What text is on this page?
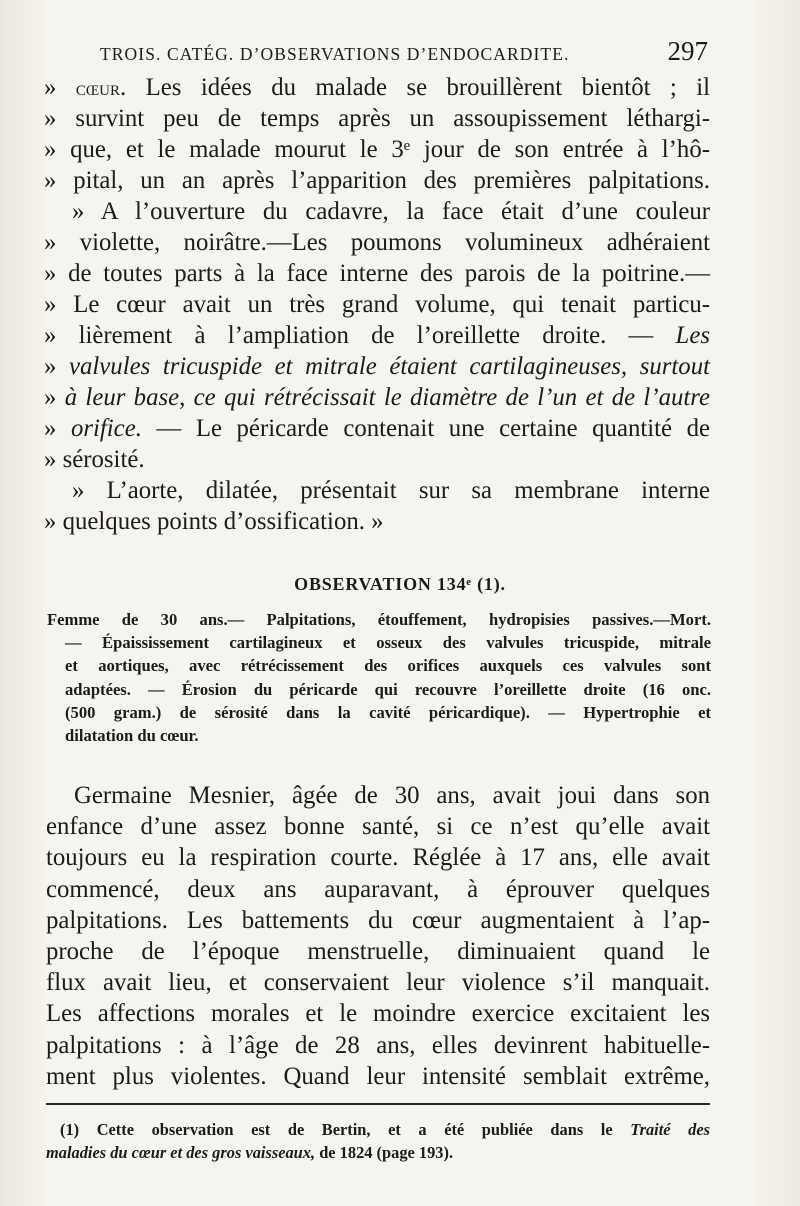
TROIS. CATÉG. D’OBSERVATIONS D’ENDOCARDITE.	297
» cœur. Les idées du malade se brouillèrent bientôt ; il
» survint peu de temps après un assoupissement léthargi-
» que, et le malade mourut le 3ᵉ jour de son entrée à l’hô-
» pital, un an après l’apparition des premières palpitations.
» A l’ouverture du cadavre, la face était d’une couleur
» violette, noirâtre.—Les poumons volumineux adhéraient
» de toutes parts à la face interne des parois de la poitrine.—
» Le cœur avait un très grand volume, qui tenait particu-
» lièrement à l’ampliation de l’oreillette droite. — Les
» valvules tricuspide et mitrale étaient cartilagineuses, surtout
» à leur base, ce qui rétrécissait le diamètre de l’un et de l’autre
» orifice. — Le péricarde contenait une certaine quantité de
» sérosité.
» L’aorte, dilatée, présentait sur sa membrane interne
» quelques points d’ossification. »
OBSERVATION 134ᵉ (1).
Femme de 30 ans.— Palpitations, étouffement, hydropisies passives.—Mort.
— Épaississement cartilagineux et osseux des valvules tricuspide, mitrale
et aortiques, avec rétrécissement des orifices auxquels ces valvules sont
adaptées. — Érosion du péricarde qui recouvre l’oreillette droite (16 onc.
(500 gram.) de sérosité dans la cavité péricardique). — Hypertrophie et
dilatation du cœur.
Germaine Mesnier, âgée de 30 ans, avait joui dans son
enfance d’une assez bonne santé, si ce n’est qu’elle avait
toujours eu la respiration courte. Réglée à 17 ans, elle avait
commencé, deux ans auparavant, à éprouver quelques
palpitations. Les battements du cœur augmentaient à l’ap-
proche de l’époque menstruelle, diminuaient quand le
flux avait lieu, et conservaient leur violence s’il manquait.
Les affections morales et le moindre exercice excitaient les
palpitations : à l’âge de 28 ans, elles devinrent habituelle-
ment plus violentes. Quand leur intensité semblait extrême,
(1) Cette observation est de Bertin, et a été publiée dans le Traité des
maladies du cœur et des gros vaisseaux, de 1824 (page 193).
